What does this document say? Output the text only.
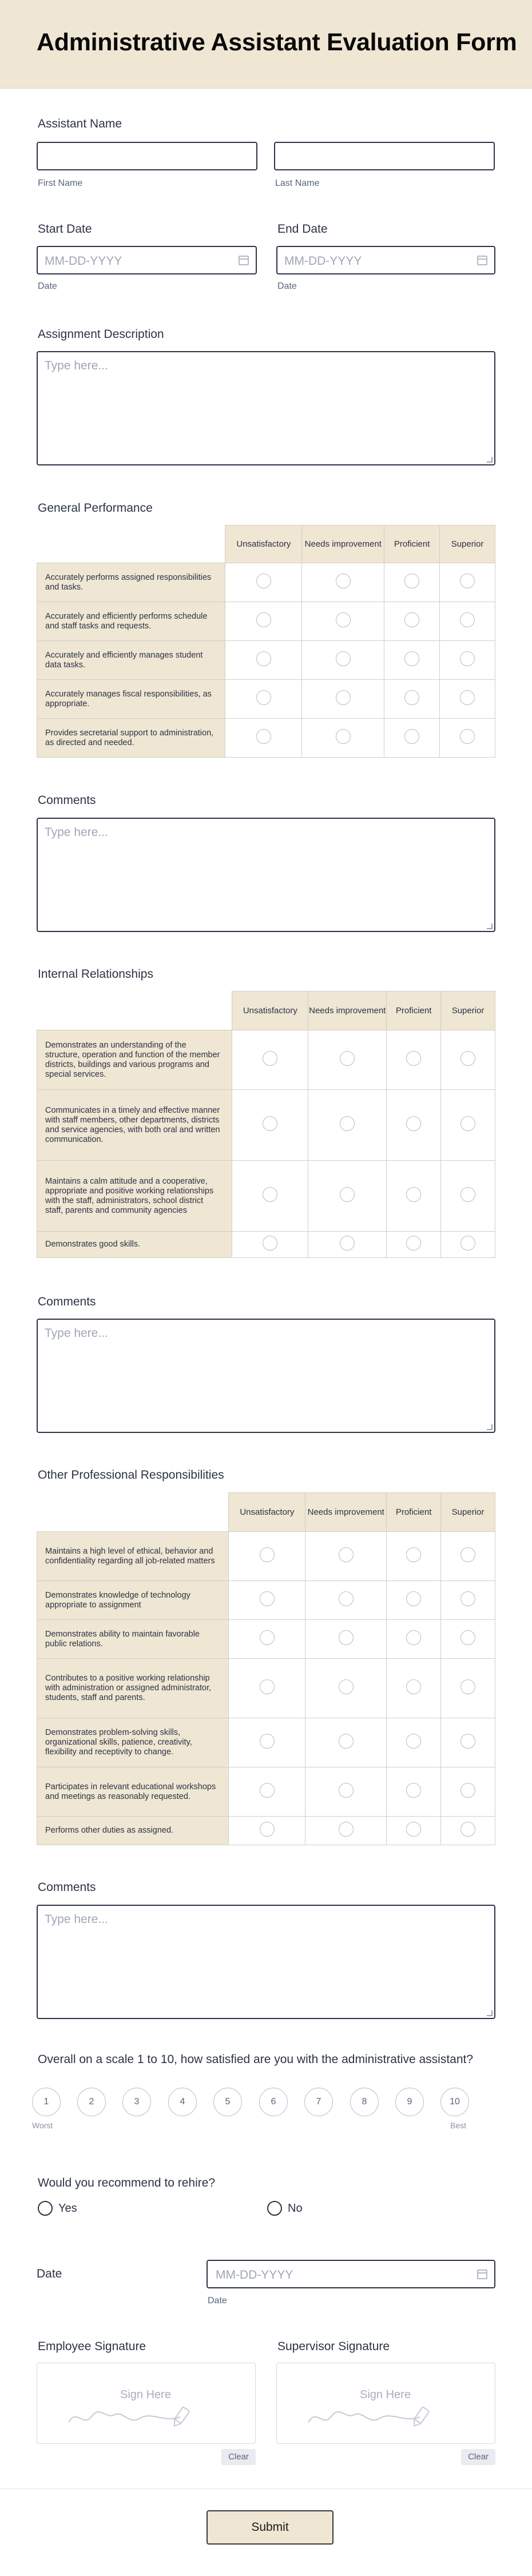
Administrative Assistant Evaluation Form
Assistant Name
First Name	Last Name
Start Date	End Date
MM-DD-YYYY	MM-DD-YYYY
Date	Date
Assignment Description
Type here...
General Performance
	Unsatisfactory	Needs improvement	Proficient	Superior
Accurately performs assigned responsibilities and tasks.				
Accurately and efficiently performs schedule and staff tasks and requests.				
Accurately and efficiently manages student data tasks.				
Accurately manages fiscal responsibilities, as appropriate.				
Provides secretarial support to administration, as directed and needed.				
Comments
Type here...
Internal Relationships
	Unsatisfactory	Needs improvement	Proficient	Superior
Demonstrates an understanding of the structure, operation and function of the member districts, buildings and various programs and special services.				
Communicates in a timely and effective manner with staff members, other departments, districts and service agencies, with both oral and written communication.				
Maintains a calm attitude and a cooperative, appropriate and positive working relationships with the staff, administrators, school district staff, parents and community agencies				
Demonstrates good skills.				
Comments
Type here...
Other Professional Responsibilities
	Unsatisfactory	Needs improvement	Proficient	Superior
Maintains a high level of ethical, behavior and confidentiality regarding all job-related matters				
Demonstrates knowledge of technology appropriate to assignment				
Demonstrates ability to maintain favorable public relations.				
Contributes to a positive working relationship with administration or assigned administrator, students, staff and parents.				
Demonstrates problem-solving skills, organizational skills, patience, creativity, flexibility and receptivity to change.				
Participates in relevant educational workshops and meetings as reasonably requested.				
Performs other duties as assigned.				
Comments
Type here...
Overall on a scale 1 to 10, how satisfied are you with the administrative assistant?
1	2	3	4	5	6	7	8	9	10
Worst	Best
Would you recommend to rehire?
Yes	No
Date	MM-DD-YYYY
Date
Employee Signature	Supervisor Signature
Sign Here
Clear
Sign Here
Clear
Submit
